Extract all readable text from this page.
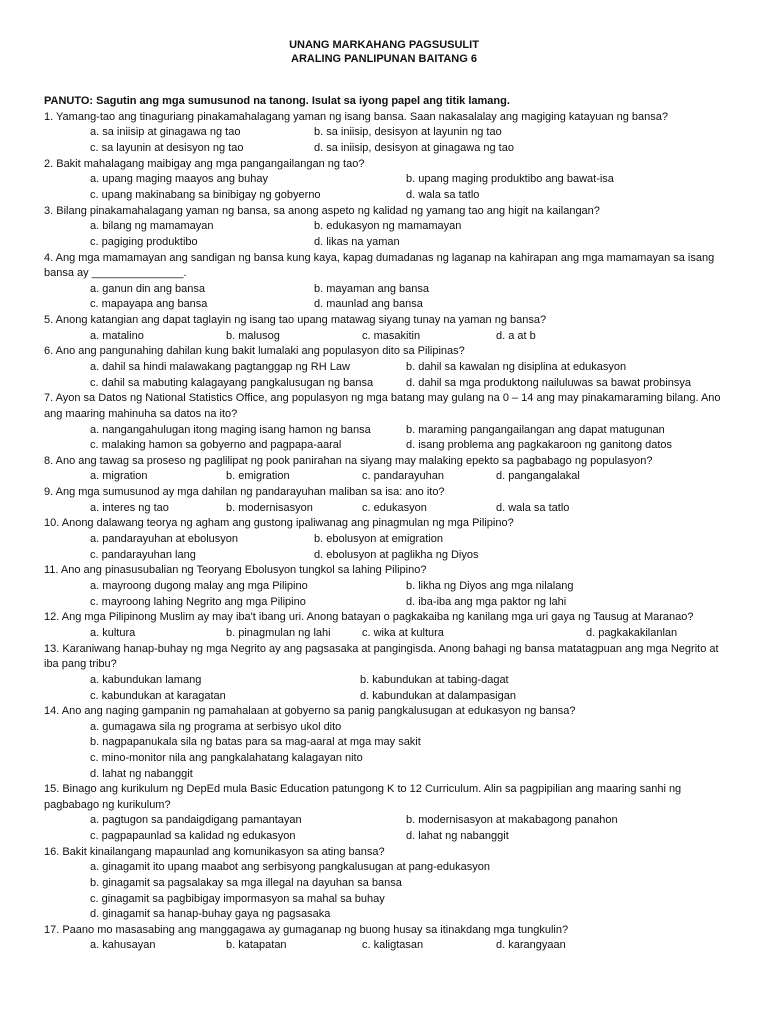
UNANG MARKAHANG PAGSUSULIT
ARALING PANLIPUNAN BAITANG 6
PANUTO: Sagutin ang mga sumusunod na tanong. Isulat sa iyong papel ang titik lamang.
1. Yamang-tao ang tinaguriang pinakamahalagang yaman ng isang bansa. Saan nakasalalay ang magiging katayuan ng bansa?
a. sa iniisip at ginagawa ng tao	b. sa iniisip, desisyon at layunin ng tao
c. sa layunin at desisyon ng tao	d. sa iniisip, desisyon at ginagawa ng tao
2. Bakit mahalagang maibigay ang mga pangangailangan ng tao?
a. upang maging maayos ang buhay	b. upang maging produktibo ang bawat-isa
c. upang makinabang sa binibigay ng gobyerno	d. wala sa tatlo
3. Bilang pinakamahalagang yaman ng bansa, sa anong aspeto ng kalidad ng yamang tao ang higit na kailangan?
a. bilang ng mamamayan	b. edukasyon ng mamamayan
c. pagiging produktibo	d. likas na yaman
4. Ang mga mamamayan ang sandigan ng bansa kung kaya, kapag dumadanas ng laganap na kahirapan ang mga mamamayan sa isang bansa ay _______________.
a. ganun din ang bansa	b. mayaman ang bansa
c. mapayapa ang bansa	d. maunlad ang bansa
5. Anong katangian ang dapat taglayin ng isang tao upang matawag siyang tunay na yaman ng bansa?
a. matalino	b. malusog	c. masakitin	d. a at b
6. Ano ang pangunahing dahilan kung bakit lumalaki ang populasyon dito sa Pilipinas?
a. dahil sa hindi malawakang pagtanggap ng RH Law	b. dahil sa kawalan ng disiplina at edukasyon
c. dahil sa mabuting kalagayang pangkalusugan ng bansa	d. dahil sa mga produktong nailuluwas sa bawat probinsya
7. Ayon sa Datos ng National Statistics Office, ang populasyon ng mga batang may gulang na 0 – 14 ang may pinakamaraming bilang. Ano ang maaring mahinuha sa datos na ito?
a. nangangahulugan itong maging isang hamon ng bansa	b. maraming pangangailangan ang dapat matugunan
c. malaking hamon sa gobyerno and pagpapa-aaral	d. isang problema ang pagkakaroon ng ganitong datos
8. Ano ang tawag sa proseso ng paglilipat ng pook panirahan na siyang may malaking epekto sa pagbabago ng populasyon?
a. migration	b. emigration	c. pandarayuhan	d. pangangalakal
9. Ang mga sumusunod ay mga dahilan ng pandarayuhan maliban sa isa: ano ito?
a. interes ng tao	b. modernisasyon	c. edukasyon	d. wala sa tatlo
10. Anong dalawang teorya ng agham ang gustong ipaliwanag ang pinagmulan ng mga Pilipino?
a. pandarayuhan at ebolusyon	b. ebolusyon at emigration
c. pandarayuhan lang	d. ebolusyon at paglikha ng Diyos
11. Ano ang pinasusubalian ng Teoryang Ebolusyon tungkol sa lahing Pilipino?
a. mayroong dugong malay ang mga Pilipino	b. likha ng Diyos ang mga nilalang
c. mayroong lahing Negrito ang mga Pilipino	d. iba-iba ang mga paktor ng lahi
12. Ang mga Pilipinong Muslim ay may iba't ibang uri. Anong batayan o pagkakaiba ng kanilang mga uri gaya ng Tausug at Maranao?
a. kultura	b. pinagmulan ng lahi	c. wika at kultura	d. pagkakakilanlan
13. Karaniwang hanap-buhay ng mga Negrito ay ang pagsasaka at pangingisda. Anong bahagi ng bansa matatagpuan ang mga Negrito at iba pang tribu?
a. kabundukan lamang	b. kabundukan at tabing-dagat
c. kabundukan at karagatan	d. kabundukan at dalampasigan
14. Ano ang naging gampanin ng pamahalaan at gobyerno sa panig pangkalusugan at edukasyon ng bansa?
a. gumagawa sila ng programa at serbisyo ukol dito
b. nagpapanukala sila ng batas para sa mag-aaral at mga may sakit
c. mino-monitor nila ang pangkalahatang kalagayan nito
d. lahat ng nabanggit
15. Binago ang kurikulum ng DepEd mula Basic Education patungong K to 12 Curriculum. Alin sa pagpipilian ang maaring sanhi ng pagbabago ng kurikulum?
a. pagtugon sa pandaigdigang pamantayan	b. modernisasyon at makabagong panahon
c. pagpapaunlad sa kalidad ng edukasyon	d. lahat ng nabanggit
16. Bakit kinailangang mapaunlad ang komunikasyon sa ating bansa?
a. ginagamit ito upang maabot ang serbisyong pangkalusugan at pang-edukasyon
b. ginagamit sa pagsalakay sa mga illegal na dayuhan sa bansa
c. ginagamit sa pagbibigay impormasyon sa mahal sa buhay
d. ginagamit sa hanap-buhay gaya ng pagsasaka
17. Paano mo masasabing ang manggagawa ay gumaganap ng buong husay sa itinakdang mga tungkulin?
a. kahusayan	b. katapatan	c. kaligtasan	d. karangyaan
